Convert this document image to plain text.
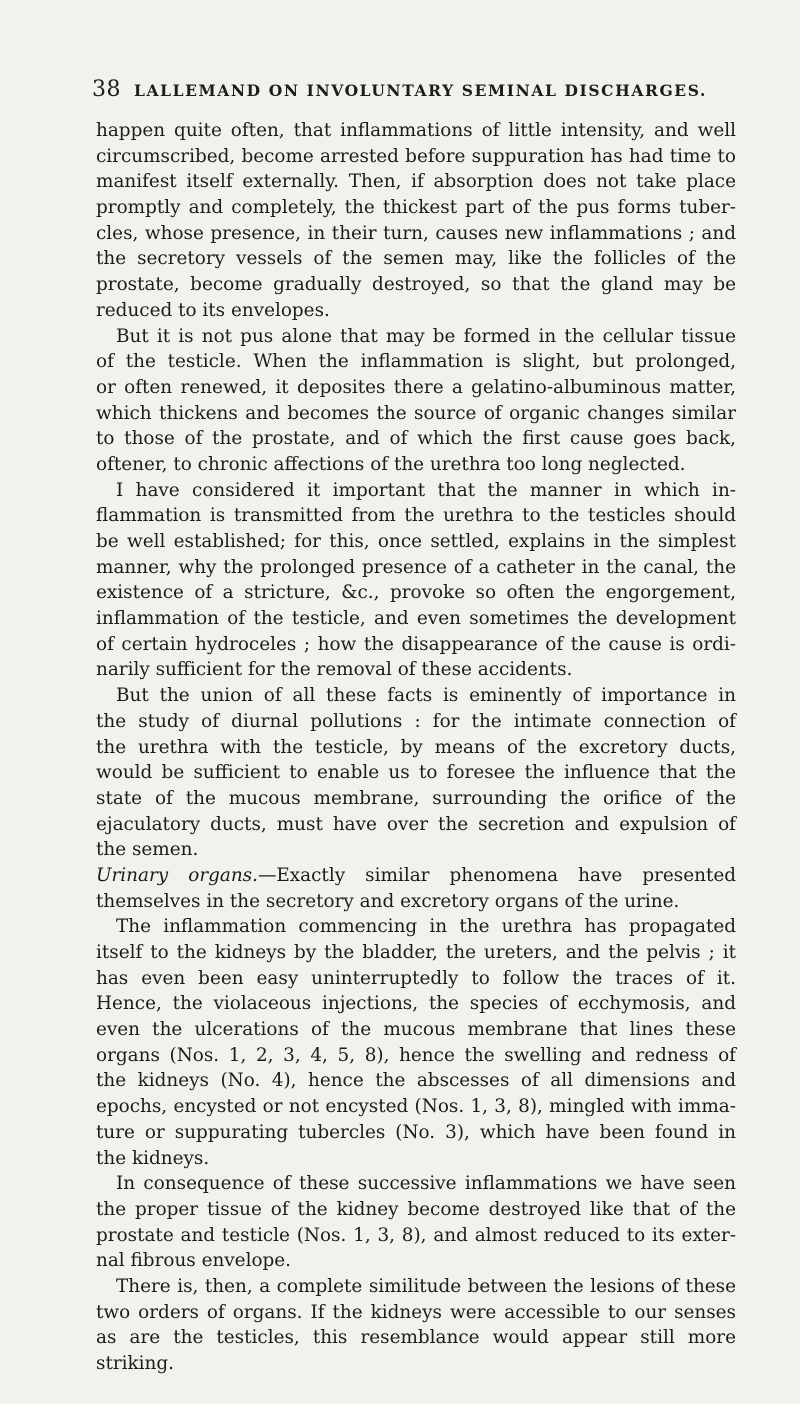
38 LALLEMAND ON INVOLUNTARY SEMINAL DISCHARGES.
happen quite often, that inflammations of little intensity, and well
circumscribed, become arrested before suppuration has had time to
manifest itself externally. Then, if absorption does not take place
promptly and completely, the thickest part of the pus forms tuber-
cles, whose presence, in their turn, causes new inflammations ; and
the secretory vessels of the semen may, like the follicles of the
prostate, become gradually destroyed, so that the gland may be
reduced to its envelopes.
But it is not pus alone that may be formed in the cellular tissue
of the testicle. When the inflammation is slight, but prolonged,
or often renewed, it deposites there a gelatino-albuminous matter,
which thickens and becomes the source of organic changes similar
to those of the prostate, and of which the first cause goes back,
oftener, to chronic affections of the urethra too long neglected.
I have considered it important that the manner in which in-
flammation is transmitted from the urethra to the testicles should
be well established; for this, once settled, explains in the simplest
manner, why the prolonged presence of a catheter in the canal, the
existence of a stricture, &c., provoke so often the engorgement,
inflammation of the testicle, and even sometimes the development
of certain hydroceles ; how the disappearance of the cause is ordi-
narily sufficient for the removal of these accidents.
But the union of all these facts is eminently of importance in
the study of diurnal pollutions : for the intimate connection of
the urethra with the testicle, by means of the excretory ducts,
would be sufficient to enable us to foresee the influence that the
state of the mucous membrane, surrounding the orifice of the
ejaculatory ducts, must have over the secretion and expulsion of
the semen.
Urinary organs.—Exactly similar phenomena have presented
themselves in the secretory and excretory organs of the urine.
The inflammation commencing in the urethra has propagated
itself to the kidneys by the bladder, the ureters, and the pelvis ; it
has even been easy uninterruptedly to follow the traces of it.
Hence, the violaceous injections, the species of ecchymosis, and
even the ulcerations of the mucous membrane that lines these
organs (Nos. 1, 2, 3, 4, 5, 8), hence the swelling and redness of
the kidneys (No. 4), hence the abscesses of all dimensions and
epochs, encysted or not encysted (Nos. 1, 3, 8), mingled with imma-
ture or suppurating tubercles (No. 3), which have been found in
the kidneys.
In consequence of these successive inflammations we have seen
the proper tissue of the kidney become destroyed like that of the
prostate and testicle (Nos. 1, 3, 8), and almost reduced to its exter-
nal fibrous envelope.
There is, then, a complete similitude between the lesions of these
two orders of organs. If the kidneys were accessible to our senses
as are the testicles, this resemblance would appear still more
striking.
